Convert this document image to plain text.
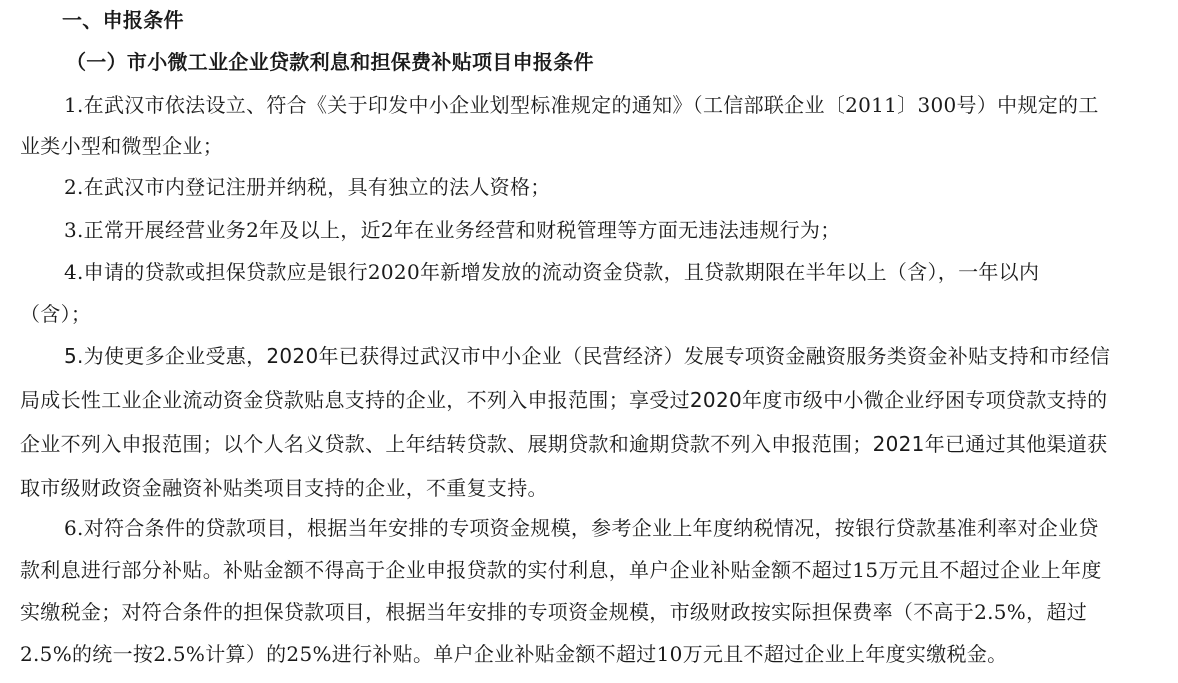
一、申报条件
（一）市小微工业企业贷款利息和担保费补贴项目申报条件
1.在武汉市依法设立、符合《关于印发中小企业划型标准规定的通知》（工信部联企业〔2011〕300号）中规定的工
业类小型和微型企业；
2.在武汉市内登记注册并纳税，具有独立的法人资格；
3.正常开展经营业务2年及以上，近2年在业务经营和财税管理等方面无违法违规行为；
4.申请的贷款或担保贷款应是银行2020年新增发放的流动资金贷款，且贷款期限在半年以上（含），一年以内
（含）；
5.为使更多企业受惠，2020年已获得过武汉市中小企业（民营经济）发展专项资金融资服务类资金补贴支持和市经信
局成长性工业企业流动资金贷款贴息支持的企业，不列入申报范围；享受过2020年度市级中小微企业纾困专项贷款支持的
企业不列入申报范围；以个人名义贷款、上年结转贷款、展期贷款和逾期贷款不列入申报范围；2021年已通过其他渠道获
取市级财政资金融资补贴类项目支持的企业，不重复支持。
6.对符合条件的贷款项目，根据当年安排的专项资金规模，参考企业上年度纳税情况，按银行贷款基准利率对企业贷
款利息进行部分补贴。补贴金额不得高于企业申报贷款的实付利息，单户企业补贴金额不超过15万元且不超过企业上年度
实缴税金；对符合条件的担保贷款项目，根据当年安排的专项资金规模，市级财政按实际担保费率（不高于2.5%，超过
2.5%的统一按2.5%计算）的25%进行补贴。单户企业补贴金额不超过10万元且不超过企业上年度实缴税金。
